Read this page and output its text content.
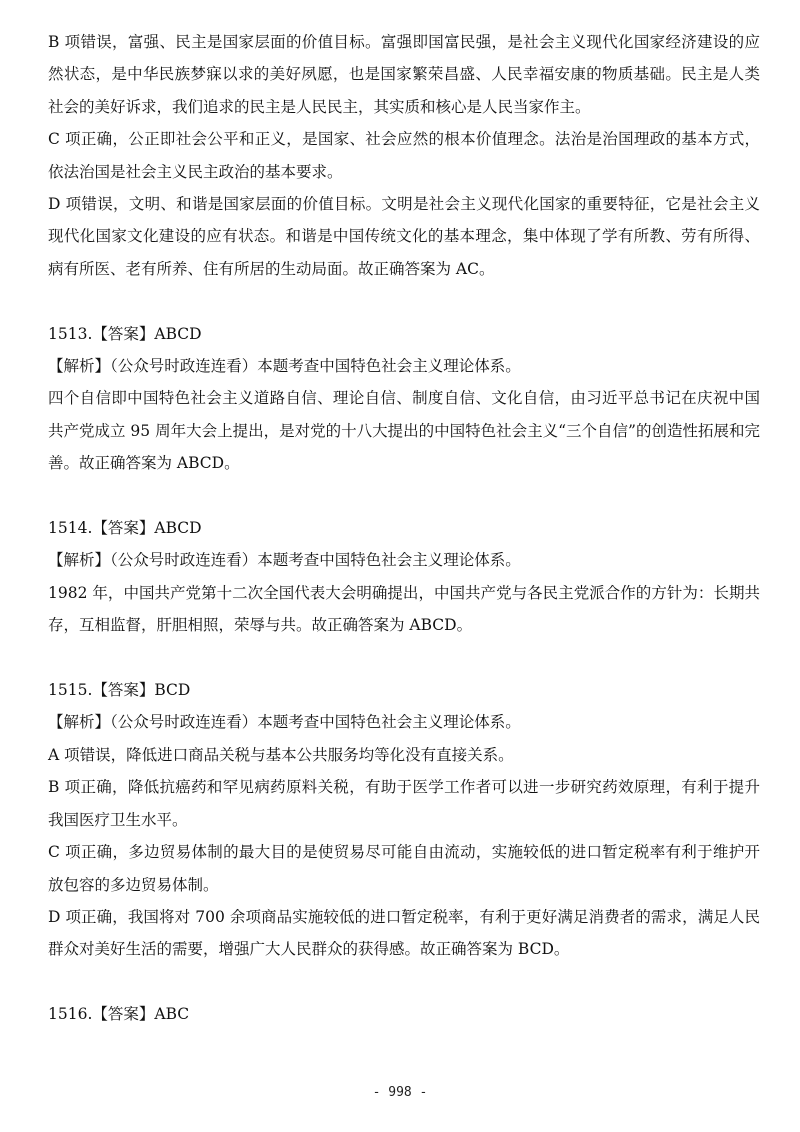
B 项错误，富强、民主是国家层面的价值目标。富强即国富民强，是社会主义现代化国家经济建设的应然状态，是中华民族梦寐以求的美好夙愿，也是国家繁荣昌盛、人民幸福安康的物质基础。民主是人类社会的美好诉求，我们追求的民主是人民民主，其实质和核心是人民当家作主。

C 项正确，公正即社会公平和正义，是国家、社会应然的根本价值理念。法治是治国理政的基本方式，依法治国是社会主义民主政治的基本要求。

D 项错误，文明、和谐是国家层面的价值目标。文明是社会主义现代化国家的重要特征，它是社会主义现代化国家文化建设的应有状态。和谐是中国传统文化的基本理念，集中体现了学有所教、劳有所得、病有所医、老有所养、住有所居的生动局面。故正确答案为 AC。

1513.【答案】ABCD

【解析】（公众号时政连连看）本题考查中国特色社会主义理论体系。

四个自信即中国特色社会主义道路自信、理论自信、制度自信、文化自信，由习近平总书记在庆祝中国共产党成立 95 周年大会上提出，是对党的十八大提出的中国特色社会主义“三个自信”的创造性拓展和完善。故正确答案为 ABCD。

1514.【答案】ABCD

【解析】（公众号时政连连看）本题考查中国特色社会主义理论体系。

1982 年，中国共产党第十二次全国代表大会明确提出，中国共产党与各民主党派合作的方针为：长期共存，互相监督，肝胆相照，荣辱与共。故正确答案为 ABCD。

1515.【答案】BCD

【解析】（公众号时政连连看）本题考查中国特色社会主义理论体系。

A 项错误，降低进口商品关税与基本公共服务均等化没有直接关系。

B 项正确，降低抗癌药和罕见病药原料关税，有助于医学工作者可以进一步研究药效原理，有利于提升我国医疗卫生水平。

C 项正确，多边贸易体制的最大目的是使贸易尽可能自由流动，实施较低的进口暂定税率有利于维护开放包容的多边贸易体制。

D 项正确，我国将对 700 余项商品实施较低的进口暂定税率，有利于更好满足消费者的需求，满足人民群众对美好生活的需要，增强广大人民群众的获得感。故正确答案为 BCD。

1516.【答案】ABC

- 998 -
